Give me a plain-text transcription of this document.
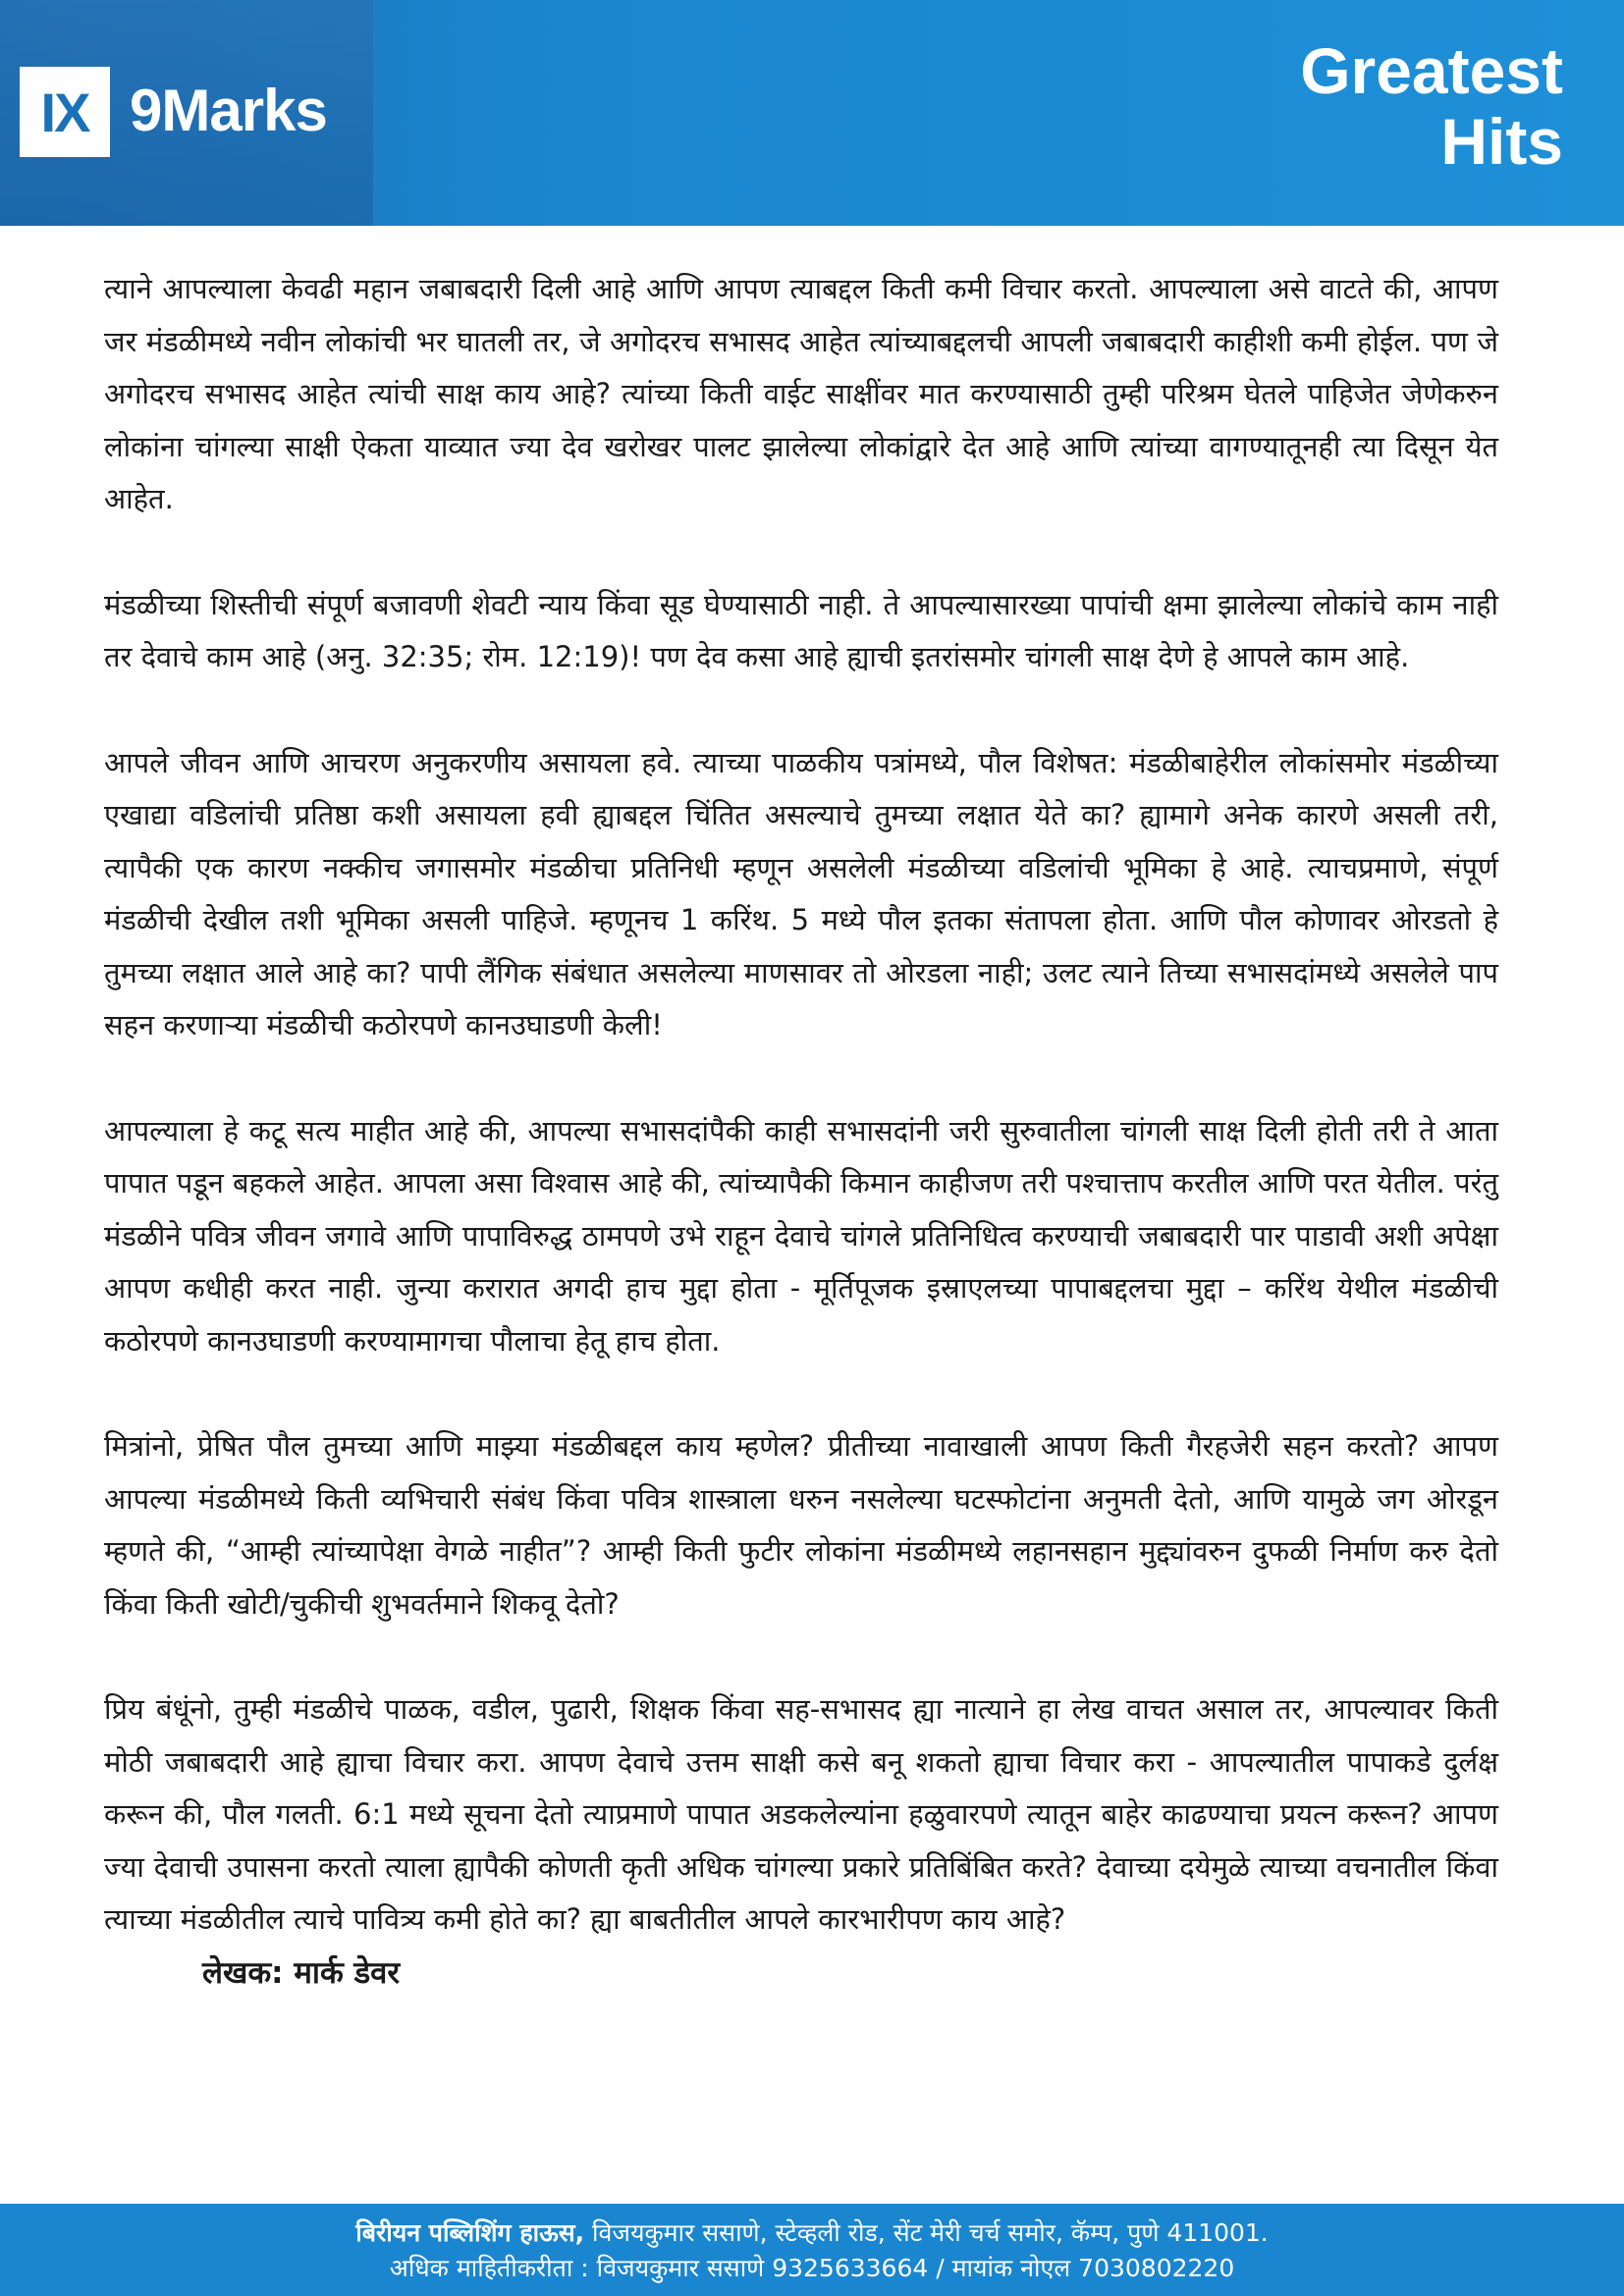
IX 9Marks
Greatest
Hits

त्याने आपल्याला केवढी महान जबाबदारी दिली आहे आणि आपण त्याबद्दल किती कमी विचार करतो. आपल्याला असे वाटते की, आपण जर मंडळीमध्ये नवीन लोकांची भर घातली तर, जे अगोदरच सभासद आहेत त्यांच्याबद्दलची आपली जबाबदारी काहीशी कमी होईल. पण जे अगोदरच सभासद आहेत त्यांची साक्ष काय आहे? त्यांच्या किती वाईट साक्षींवर मात करण्यासाठी तुम्ही परिश्रम घेतले पाहिजेत जेणेकरुन लोकांना चांगल्या साक्षी ऐकता याव्यात ज्या देव खरोखर पालट झालेल्या लोकांद्वारे देत आहे आणि त्यांच्या वागण्यातूनही त्या दिसून येत आहेत.

मंडळीच्या शिस्तीची संपूर्ण बजावणी शेवटी न्याय किंवा सूड घेण्यासाठी नाही. ते आपल्यासारख्या पापांची क्षमा झालेल्या लोकांचे काम नाही तर देवाचे काम आहे (अनु. 32:35; रोम. 12:19)! पण देव कसा आहे ह्याची इतरांसमोर चांगली साक्ष देणे हे आपले काम आहे.

आपले जीवन आणि आचरण अनुकरणीय असायला हवे. त्याच्या पाळकीय पत्रांमध्ये, पौल विशेषत: मंडळीबाहेरील लोकांसमोर मंडळीच्या एखाद्या वडिलांची प्रतिष्ठा कशी असायला हवी ह्याबद्दल चिंतित असल्याचे तुमच्या लक्षात येते का? ह्यामागे अनेक कारणे असली तरी, त्यापैकी एक कारण नक्कीच जगासमोर मंडळीचा प्रतिनिधी म्हणून असलेली मंडळीच्या वडिलांची भूमिका हे आहे. त्याचप्रमाणे, संपूर्ण मंडळीची देखील तशी भूमिका असली पाहिजे. म्हणूनच 1 करिंथ. 5 मध्ये पौल इतका संतापला होता. आणि पौल कोणावर ओरडतो हे तुमच्या लक्षात आले आहे का? पापी लैंगिक संबंधात असलेल्या माणसावर तो ओरडला नाही; उलट त्याने तिच्या सभासदांमध्ये असलेले पाप सहन करणाऱ्या मंडळीची कठोरपणे कानउघाडणी केली!

आपल्याला हे कटू सत्य माहीत आहे की, आपल्या सभासदांपैकी काही सभासदांनी जरी सुरुवातीला चांगली साक्ष दिली होती तरी ते आता पापात पडून बहकले आहेत. आपला असा विश्वास आहे की, त्यांच्यापैकी किमान काहीजण तरी पश्चात्ताप करतील आणि परत येतील. परंतु मंडळीने पवित्र जीवन जगावे आणि पापाविरुद्ध ठामपणे उभे राहून देवाचे चांगले प्रतिनिधित्व करण्याची जबाबदारी पार पाडावी अशी अपेक्षा आपण कधीही करत नाही. जुन्या करारात अगदी हाच मुद्दा होता - मूर्तिपूजक इस्राएलच्या पापाबद्दलचा मुद्दा – करिंथ येथील मंडळीची कठोरपणे कानउघाडणी करण्यामागचा पौलाचा हेतू हाच होता.

मित्रांनो, प्रेषित पौल तुमच्या आणि माझ्या मंडळीबद्दल काय म्हणेल? प्रीतीच्या नावाखाली आपण किती गैरहजेरी सहन करतो? आपण आपल्या मंडळीमध्ये किती व्यभिचारी संबंध किंवा पवित्र शास्त्राला धरुन नसलेल्या घटस्फोटांना अनुमती देतो, आणि यामुळे जग ओरडून म्हणते की, “आम्ही त्यांच्यापेक्षा वेगळे नाहीत”? आम्ही किती फुटीर लोकांना मंडळीमध्ये लहानसहान मुद्द्यांवरुन दुफळी निर्माण करु देतो किंवा किती खोटी/चुकीची शुभवर्तमाने शिकवू देतो?

प्रिय बंधूंनो, तुम्ही मंडळीचे पाळक, वडील, पुढारी, शिक्षक किंवा सह-सभासद ह्या नात्याने हा लेख वाचत असाल तर, आपल्यावर किती मोठी जबाबदारी आहे ह्याचा विचार करा. आपण देवाचे उत्तम साक्षी कसे बनू शकतो ह्याचा विचार करा - आपल्यातील पापाकडे दुर्लक्ष करून की, पौल गलती. 6:1 मध्ये सूचना देतो त्याप्रमाणे पापात अडकलेल्यांना हळुवारपणे त्यातून बाहेर काढण्याचा प्रयत्न करून? आपण ज्या देवाची उपासना करतो त्याला ह्यापैकी कोणती कृती अधिक चांगल्या प्रकारे प्रतिबिंबित करते? देवाच्या दयेमुळे त्याच्या वचनातील किंवा त्याच्या मंडळीतील त्याचे पावित्र्य कमी होते का? ह्या बाबतीतील आपले कारभारीपण काय आहे?

लेखक: मार्क डेवर
बिरीयन पब्लिशिंग हाऊस, विजयकुमार ससाणे, स्टेव्हली रोड, सेंट मेरी चर्च समोर, कॅम्प, पुणे 411001.
अधिक माहितीकरीता : विजयकुमार ससाणे 9325633664 / मायांक नोएल 7030802220
